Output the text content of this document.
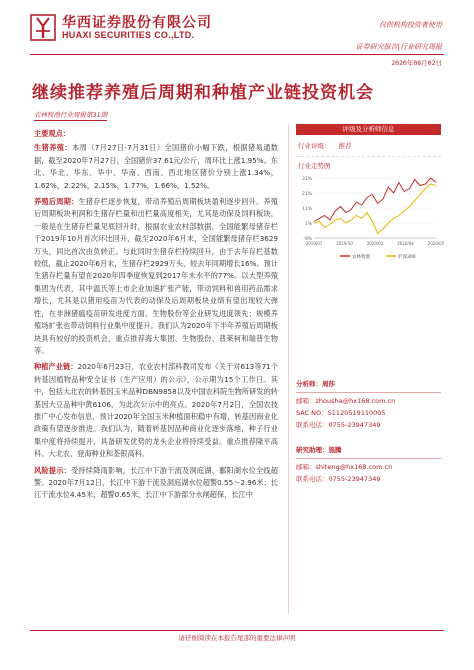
华西证券股份有限公司
HUAXI SECURITIES CO.,LTD.
仅供机构投资者使用
证券研究报告|行业研究周报
2020年08月02日
继续推荐养殖后周期和种植产业链投资机会
农林牧渔行业周报第31期
主要观点：

生猪养殖：本周（7月27日-7月31日）全国猪价小幅下跌，根据猪易通数据，截至2020年7月27日，全国猪价37.61元/公斤，周环比上涨1.95%。东北、华北、华东、华中、华南、西南、西北地区猪价分别上涨1.34%，1.62%，2.22%，2.15%，1.77%，1.66%，1.52%。

养殖后周期：生猪存栏逐步恢复，带动养殖后周期板块盈利逐步回升。养殖后周期板块利润和生猪存栏量和出栏量高度相关，尤其是动保及饲料板块，一般是在生猪存栏量见底回升时，根据农业农村部数据，全国能繁母猪存栏于2019年10月首次环比回升，截至2020年6月末，全国能繁母猪存栏3629万头，同比首次由负转正。与此同时生猪存栏持续回升，由于去年存栏基数较低，截止2020年6月末，生猪存栏2929万头，较去年同期增长16%。预计生猪存栏量有望在2020年四季度恢复到2017年末水平的77%。以大型养殖集团为代表，其中温氏等上市企业加速扩张产能，带动饲料和兽用药品需求增长，尤其是以猪用疫苗为代表的动保及后周期板块业绩有望出现较大弹性，在非洲猪瘟疫苗研发进度方面，生物股份等企业研发进度领先；规模养殖场扩张也带动饲料行业集中度提升。我们认为2020年下半年养殖后周期板块具有较好的投资机会，重点推荐海大集团、生物股份、普莱柯和瑞普生物等。

种植产业链：2020年6月23日，农业农村部科教司发布《关于对613等71个转基因植物品种安全证书（生产应用）的公示》，公示期为15个工作日。其中，包括大北农的转基因玉米品种DBN9858以及中国农科院生物所研发的转基因大豆品种中黄6106，为此次公示中的亮点。2020年7月2日，全国农技推广中心发布信息，预计2020年全国玉米种植面积稳中有增，转基因商业化政策有望逐步推进。我们认为，随着转基因品种商业化逐步落地，种子行业集中度将持续提升，具备研发优势的龙头企业将持续受益。重点推荐隆平高科、大北农、登海种业和荃银高科。

风险提示：受持续降雨影响，长江中下游干流及洞庭湖、鄱阳湖水位全线超警。2020年7月12日，长江中下游干流及洞庭湖水位超警0.55～2.96米；长江干流水位4.45米，超警0.65米，长江中下游部分水闸超保，长江中

评级及分析师信息
行业评级： 推荐
行业走势图
31%
21%
11%
1%
-9%
2019/07	2019/10	2020/01	2020/04	2020/07
农林牧渔	沪深300
分析师：周莎
邮箱：zhousha@hx168.com.cn
SAC NO：S1120519110005
联系电话：0755-23947349
研究助理：施腾
邮箱：shiteng@hx168.com.cn
联系电话：0755-23947349
请仔细阅读在本报告尾部的重要法律声明
